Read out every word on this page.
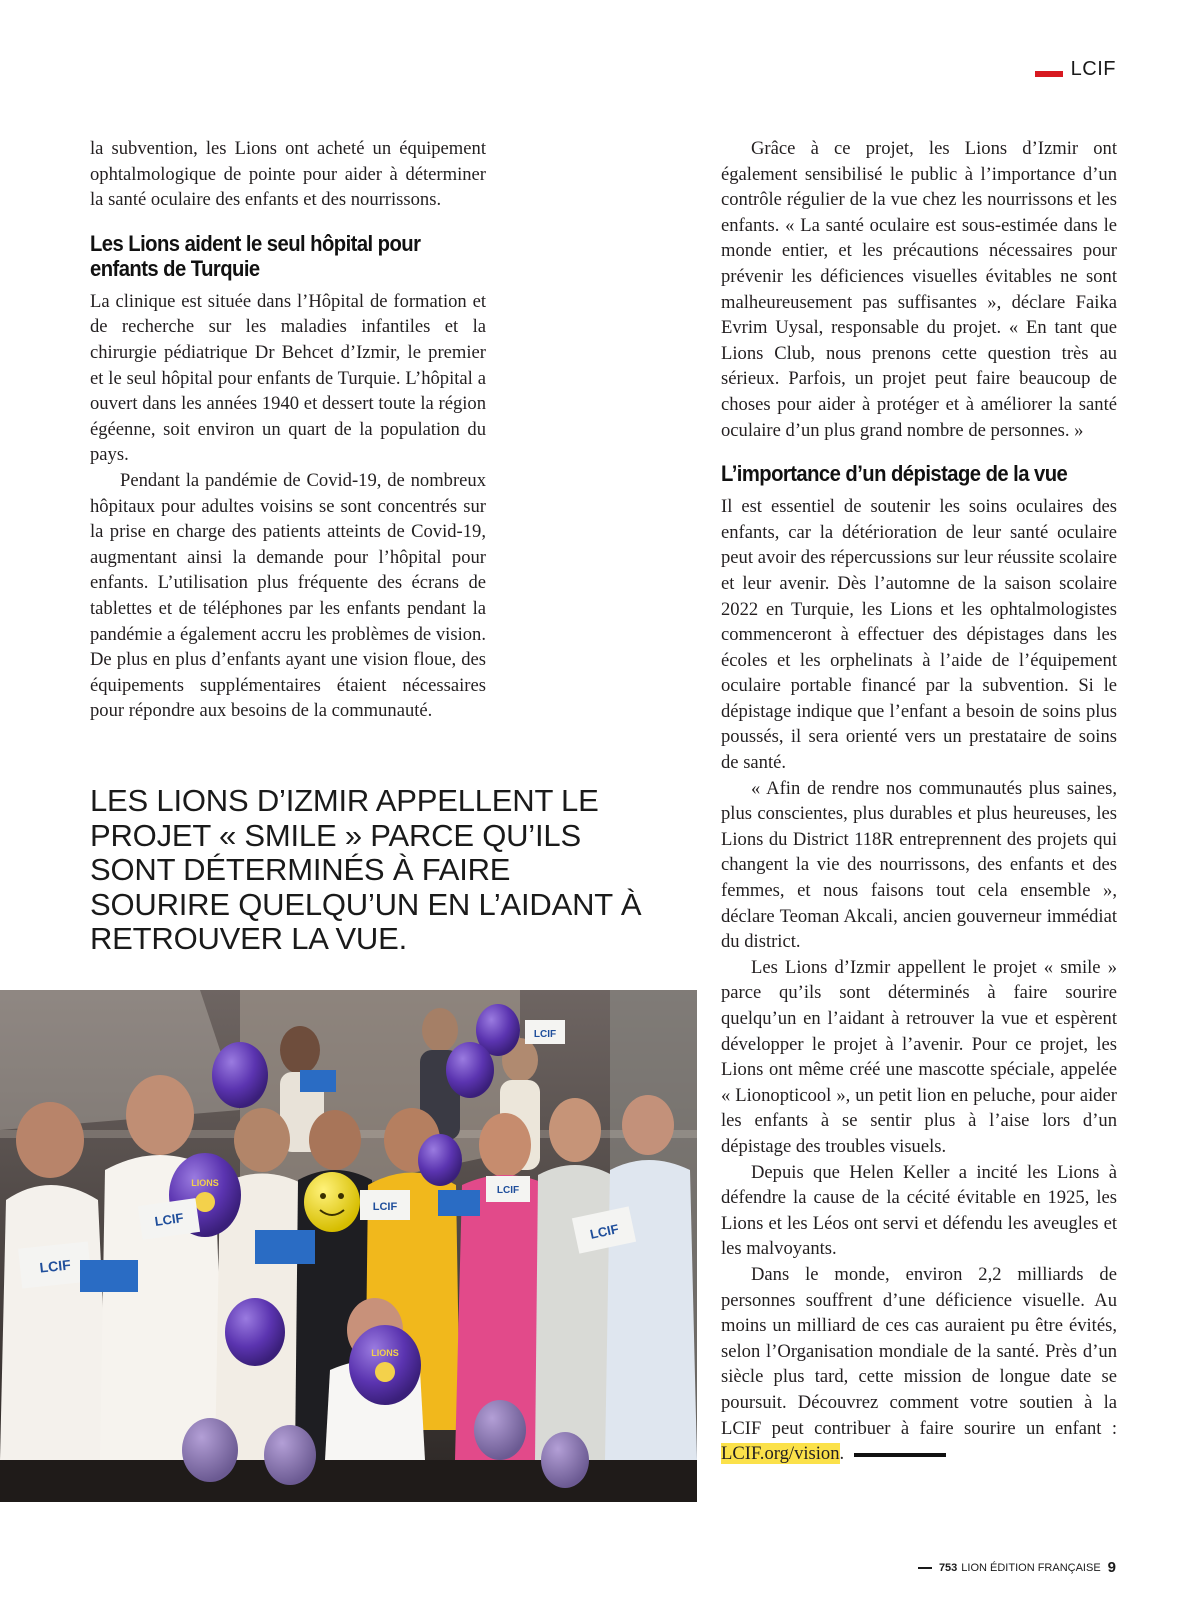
LCIF

la subvention, les Lions ont acheté un équipement ophtalmologique de pointe pour aider à déterminer la santé oculaire des enfants et des nourrissons.

Les Lions aident le seul hôpital pour enfants de Turquie

La clinique est située dans l’Hôpital de formation et de recherche sur les maladies infantiles et la chirurgie pédiatrique Dr Behcet d’Izmir, le premier et le seul hôpital pour enfants de Turquie. L’hôpital a ouvert dans les années 1940 et dessert toute la région égéenne, soit environ un quart de la population du pays.

Pendant la pandémie de Covid-19, de nombreux hôpitaux pour adultes voisins se sont concentrés sur la prise en charge des patients atteints de Covid-19, augmentant ainsi la demande pour l’hôpital pour enfants. L’utilisation plus fréquente des écrans de tablettes et de téléphones par les enfants pendant la pandémie a également accru les problèmes de vision. De plus en plus d’enfants ayant une vision floue, des équipements supplémentaires étaient nécessaires pour répondre aux besoins de la communauté.

LES LIONS D’IZMIR APPELLENT LE PROJET « SMILE » PARCE QU’ILS SONT DÉTERMINÉS À FAIRE SOURIRE QUELQU’UN EN L’AIDANT À RETROUVER LA VUE.
LIONS
LIONS
LCIF
LCIF
LCIF
LCIF
LCIF
LCIF

Grâce à ce projet, les Lions d’Izmir ont également sensibilisé le public à l’importance d’un contrôle régulier de la vue chez les nourrissons et les enfants. « La santé oculaire est sous-estimée dans le monde entier, et les précautions nécessaires pour prévenir les déficiences visuelles évitables ne sont malheureusement pas suffisantes », déclare Faika Evrim Uysal, responsable du projet. « En tant que Lions Club, nous prenons cette question très au sérieux. Parfois, un projet peut faire beaucoup de choses pour aider à protéger et à améliorer la santé oculaire d’un plus grand nombre de personnes. »

L’importance d’un dépistage de la vue

Il est essentiel de soutenir les soins oculaires des enfants, car la détérioration de leur santé oculaire peut avoir des répercussions sur leur réussite scolaire et leur avenir. Dès l’automne de la saison scolaire 2022 en Turquie, les Lions et les ophtalmologistes commenceront à effectuer des dépistages dans les écoles et les orphelinats à l’aide de l’équipement oculaire portable financé par la subvention. Si le dépistage indique que l’enfant a besoin de soins plus poussés, il sera orienté vers un prestataire de soins de santé.

« Afin de rendre nos communautés plus saines, plus conscientes, plus durables et plus heureuses, les Lions du District 118R entreprennent des projets qui changent la vie des nourrissons, des enfants et des femmes, et nous faisons tout cela ensemble », déclare Teoman Akcali, ancien gouverneur immédiat du district.

Les Lions d’Izmir appellent le projet « smile » parce qu’ils sont déterminés à faire sourire quelqu’un en l’aidant à retrouver la vue et espèrent développer le projet à l’avenir. Pour ce projet, les Lions ont même créé une mascotte spéciale, appelée « Lionopticool », un petit lion en peluche, pour aider les enfants à se sentir plus à l’aise lors d’un dépistage des troubles visuels.

Depuis que Helen Keller a incité les Lions à défendre la cause de la cécité évitable en 1925, les Lions et les Léos ont servi et défendu les aveugles et les malvoyants.

Dans le monde, environ 2,2 milliards de personnes souffrent d’une déficience visuelle. Au moins un milliard de ces cas auraient pu être évités, selon l’Organisation mondiale de la santé. Près d’un siècle plus tard, cette mission de longue date se poursuit. Découvrez comment votre soutien à la LCIF peut contribuer à faire sourire un enfant : LCIF.org/vision.

753 LION ÉDITION FRANÇAISE 9
